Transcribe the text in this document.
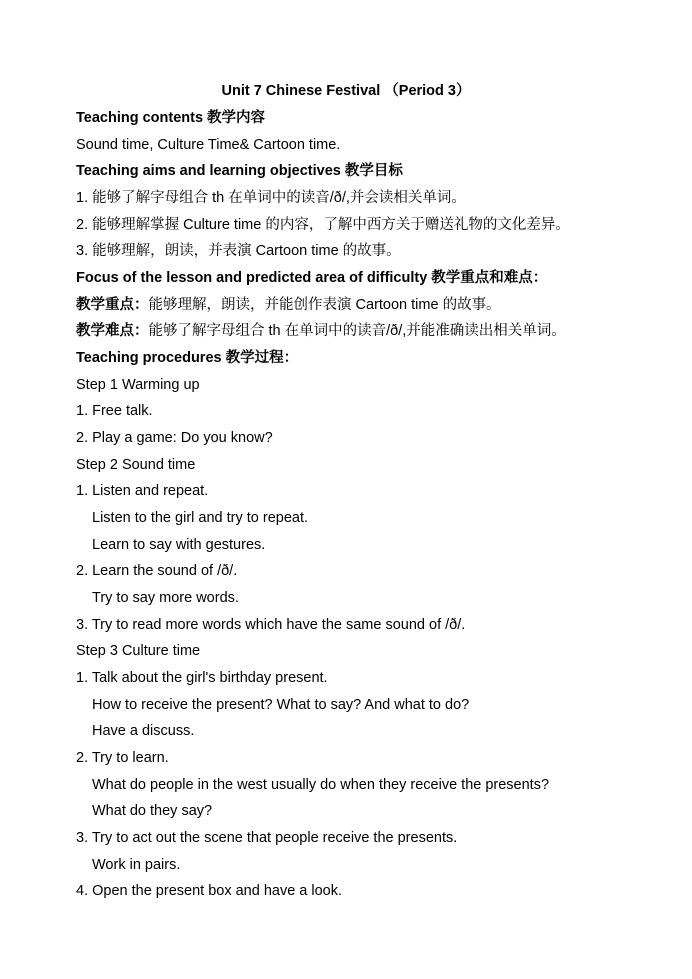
Unit 7 Chinese Festival （Period 3）
Teaching contents 教学内容
Sound time, Culture Time& Cartoon time.
Teaching aims and learning objectives 教学目标
1. 能够了解字母组合 th 在单词中的读音/ð/,并会读相关单词。
2. 能够理解掌握 Culture time 的内容，了解中西方关于赠送礼物的文化差异。
3. 能够理解，朗读，并表演 Cartoon time 的故事。
Focus of the lesson and predicted area of difficulty 教学重点和难点：
教学重点：能够理解，朗读，并能创作表演 Cartoon time 的故事。
教学难点：能够了解字母组合 th 在单词中的读音/ð/,并能准确读出相关单词。
Teaching procedures 教学过程：
Step 1 Warming up
1. Free talk.
2. Play a game: Do you know?
Step 2 Sound time
1. Listen and repeat.
Listen to the girl and try to repeat.
Learn to say with gestures.
2. Learn the sound of /ð/.
Try to say more words.
3. Try to read more words which have the same sound of /ð/.
Step 3 Culture time
1. Talk about the girl's birthday present.
How to receive the present? What to say? And what to do?
Have a discuss.
2. Try to learn.
What do people in the west usually do when they receive the presents?
What do they say?
3. Try to act out the scene that people receive the presents.
Work in pairs.
4. Open the present box and have a look.
